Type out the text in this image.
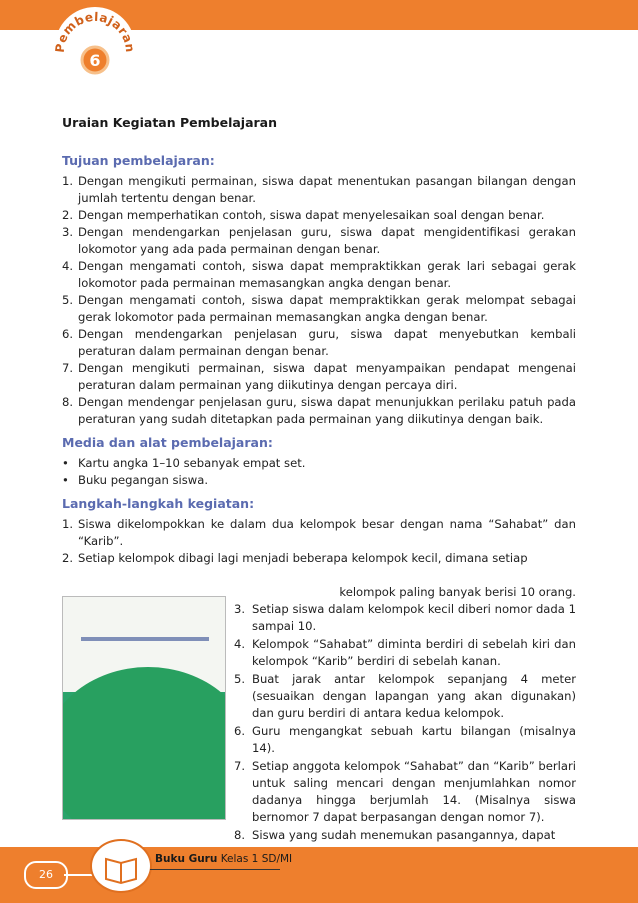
Pembelajaran
6
Uraian Kegiatan Pembelajaran
Tujuan pembelajaran:
1. Dengan mengikuti permainan, siswa dapat menentukan pasangan bilangan dengan jumlah tertentu dengan benar.
2. Dengan memperhatikan contoh, siswa dapat menyelesaikan soal dengan benar.
3. Dengan mendengarkan penjelasan guru, siswa dapat mengidentifikasi gerakan lokomotor yang ada pada permainan dengan benar.
4. Dengan mengamati contoh, siswa dapat mempraktikkan gerak lari sebagai gerak lokomotor pada permainan memasangkan angka dengan benar.
5. Dengan mengamati contoh, siswa dapat mempraktikkan gerak melompat sebagai gerak lokomotor pada permainan memasangkan angka dengan benar.
6. Dengan mendengarkan penjelasan guru, siswa dapat menyebutkan kembali peraturan dalam permainan dengan benar.
7. Dengan mengikuti permainan, siswa dapat menyampaikan pendapat mengenai peraturan dalam permainan yang diikutinya dengan percaya diri.
8. Dengan mendengar penjelasan guru, siswa dapat menunjukkan perilaku patuh pada peraturan yang sudah ditetapkan pada permainan yang diikutinya dengan baik.
Media dan alat pembelajaran:
• Kartu angka 1–10 sebanyak empat set.
• Buku pegangan siswa.
Langkah-langkah kegiatan:
1. Siswa dikelompokkan ke dalam dua kelompok besar dengan nama “Sahabat” dan “Karib”.
2. Setiap kelompok dibagi lagi menjadi beberapa kelompok kecil, dimana setiap
kelompok paling banyak berisi 10 orang.
3. Setiap siswa dalam kelompok kecil diberi nomor dada 1 sampai 10.
4. Kelompok “Sahabat” diminta berdiri di sebelah kiri dan kelompok “Karib” berdiri di sebelah kanan.
5. Buat jarak antar kelompok sepanjang 4 meter (sesuaikan dengan lapangan yang akan digunakan) dan guru berdiri di antara kedua kelompok.
6. Guru mengangkat sebuah kartu bilangan (misalnya 14).
7. Setiap anggota kelompok “Sahabat” dan “Karib” berlari untuk saling mencari dengan menjumlahkan nomor dadanya hingga berjumlah 14. (Misalnya siswa bernomor 7 dapat berpasangan dengan nomor 7).
8. Siswa yang sudah menemukan pasangannya, dapat
26
Buku Guru Kelas 1 SD/MI
